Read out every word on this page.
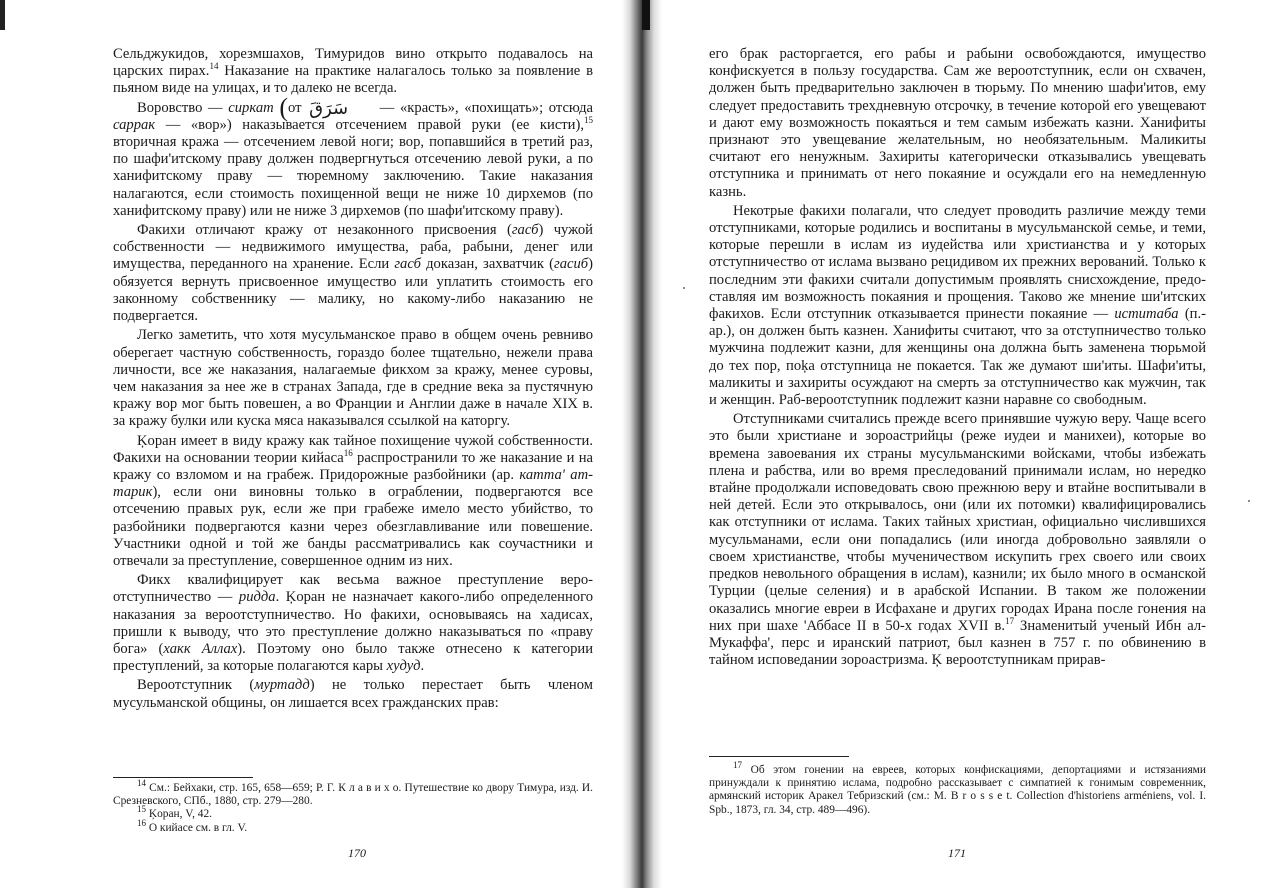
Сельджукидов, хорезмшахов, Тимуридов вино открыто подавалось на царских пирах.$^{14}$ Наказание на практике налагалось только за появление в пьяном виде на улицах, и то далеко не всегда.

Воровство — сиркат (от سَرَقَ — «красть», «похищать»; отсюда саррак — «вор») наказывается отсечением правой руки (ее кисти),$^{15}$ вторичная кража — отсечением левой ноги; вор, попавшийся в третий раз, по шафи'итскому праву должен подвергнуться отсечению левой руки, а по ханифитскому праву — тюремному заключению. Такие наказания налагаются, если стоимость похищенной вещи не ниже 10 дирхемов (по ханифитскому праву) или не ниже 3 дирхемов (по шафи'итскому праву).

Факихи отличают кражу от незаконного присвоения (гасб) чужой собственности — недвижимого имущества, раба, рабыни, денег или имущества, переданного на хранение. Если гасб доказан, захватчик (гасиб) обязуется вернуть присвоенное имущество или уплатить стоимость его законному собственнику — малику, но какому-либо наказанию не подвергается.

Легко заметить, что хотя мусульманское право в общем очень ревниво оберегает частную собственность, гораздо более тщательно, нежели права личности, все же наказания, налагаемые фикхом за кражу, менее суровы, чем наказания за нее же в странах Запада, где в средние века за пустячную кражу вор мог быть повешен, а во Франции и Англии даже в начале XIX в. за кражу булки или куска мяса наказывался ссылкой на каторгу.

Ķоран имеет в виду кражу как тайное похищение чужой собственности. Факихи на основании теории кийаса$^{16}$ распространили то же наказание и на кражу со взломом и на грабеж. Придорожные разбойники (ар. катта' ат-тарик), если они виновны только в ограблении, подвергаются все отсечению правых рук, если же при грабеже имело место убийство, то разбойники подвергаются казни через обезглавливание или повешение. Участники одной и той же банды рассматривались как соучастники и отвечали за преступление, совершенное одним из них.

Фикх квалифицирует как весьма важное преступление вероотступничество — ридда. Ķоран не назначает какого-либо определенного наказания за вероотступничество. Но факихи, основываясь на хадисах, пришли к выводу, что это преступление должно наказываться по «праву бога» (хакк Аллах). Поэтому оно было также отнесено к категории преступлений, за которые полагаются кары худуд.

Вероотступник (муртадд) не только перестает быть членом мусульманской общины, он лишается всех гражданских прав:

$^{14}$ См.: Бейхаки, стр. 165, 658—659; Р. Г. К л а в и х о. Путешествие ко двору Тимура, изд. И. Срезневского, СПб., 1880, стр. 279—280.

$^{15}$ Ķоран, V, 42.

$^{16}$ О кийасе см. в гл. V.

170

его брак расторгается, его рабы и рабыни освобождаются, имущество конфискуется в пользу государства. Сам же вероотступник, если он схвачен, должен быть предварительно заключен в тюрьму. По мнению шафи'итов, ему следует предоставить трехдневную отсрочку, в течение которой его увещевают и дают ему возможность покаяться и тем самым избежать казни. Ханифиты признают это увещевание желательным, но необязательным. Маликиты считают его ненужным. Захириты категорически отказывались увещевать отступника и принимать от него покаяние и осуждали его на немедленную казнь.

Некотрые факихи полагали, что следует проводить различие между теми отступниками, которые родились и воспитаны в мусульманской семье, и теми, которые перешли в ислам из иудейства или христианства и у которых отступничество от ислама вызвано рецидивом их прежних верований. Только к последним эти факихи считали допустимым проявлять снисхождение, предоставляя им возможность покаяния и прощения. Таково же мнение ши'итских факихов. Если отступник отказывается принести покаяние — иститаба (п.-ар.), он должен быть казнен. Ханифиты считают, что за отступничество только мужчина подлежит казни, для женщины она должна быть заменена тюрьмой до тех пор, поķа отступница не покается. Так же думают ши'иты. Шафи'иты, маликиты и захириты осуждают на смерть за отступничество как мужчин, так и женщин. Раб-вероотступник подлежит казни наравне со свободным.

Отступниками считались прежде всего принявшие чужую веру. Чаще всего это были христиане и зороастрийцы (реже иудеи и манихеи), которые во времена завоевания их страны мусульманскими войсками, чтобы избежать плена и рабства, или во время преследований принимали ислам, но нередко втайне продолжали исповедовать свою прежнюю веру и втайне воспитывали в ней детей. Если это открывалось, они (или их потомки) квалифицировались как отступники от ислама. Таких тайных христиан, официально числившихся мусульманами, если они попадались (или иногда добровольно заявляли о своем христианстве, чтобы мученичеством искупить грех своего или своих предков невольного обращения в ислам), казнили; их было много в османской Турции (целые селения) и в арабской Испании. В таком же положении оказались многие евреи в Исфахане и других городах Ирана после гонения на них при шахе 'Аббасе II в 50-х годах XVII в.$^{17}$ Знаменитый ученый Ибн ал-Мукаффа', перс и иранский патриот, был казнен в 757 г. по обвинению в тайном исповедании зороастризма. Ķ вероотступникам прирав-

$^{17}$ Об этом гонении на евреев, которых конфискациями, депортациями и истязаниями принуждали к принятию ислама, подробно рассказывает с симпатией к гонимым современник, армянский историк Аракел Тебризский (см.: M. B r o s s e t. Collection d'historiens arméniens, vol. I. Spb., 1873, гл. 34, стр. 489—496).

171
